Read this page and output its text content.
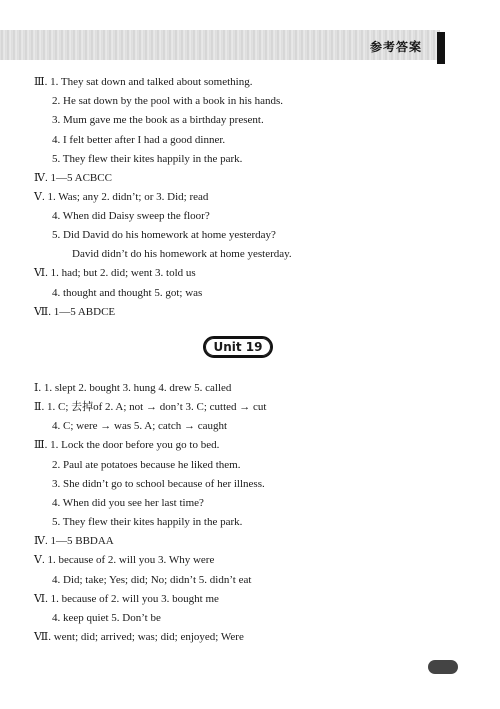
参考答案
Ⅲ. 1. They sat down and talked about something.
2. He sat down by the pool with a book in his hands.
3. Mum gave me the book as a birthday present.
4. I felt better after I had a good dinner.
5. They flew their kites happily in the park.
Ⅳ. 1—5 ACBCC
Ⅴ. 1. Was; any 2. didn’t; or 3. Did; read
4. When did Daisy sweep the floor?
5. Did David do his homework at home yesterday?
David didn’t do his homework at home yesterday.
Ⅵ. 1. had; but 2. did; went 3. told us
4. thought and thought 5. got; was
Ⅶ. 1—5 ABDCE
Unit 19
Ⅰ. 1. slept 2. bought 3. hung 4. drew 5. called
Ⅱ. 1. C; 去掉of 2. A; not → don’t 3. C; cutted → cut
4. C; were → was 5. A; catch → caught
Ⅲ. 1. Lock the door before you go to bed.
2. Paul ate potatoes because he liked them.
3. She didn’t go to school because of her illness.
4. When did you see her last time?
5. They flew their kites happily in the park.
Ⅳ. 1—5 BBDAA
Ⅴ. 1. because of 2. will you 3. Why were
4. Did; take; Yes; did; No; didn’t 5. didn’t eat
Ⅵ. 1. because of 2. will you 3. bought me
4. keep quiet 5. Don’t be
Ⅶ. went; did; arrived; was; did; enjoyed; Were
